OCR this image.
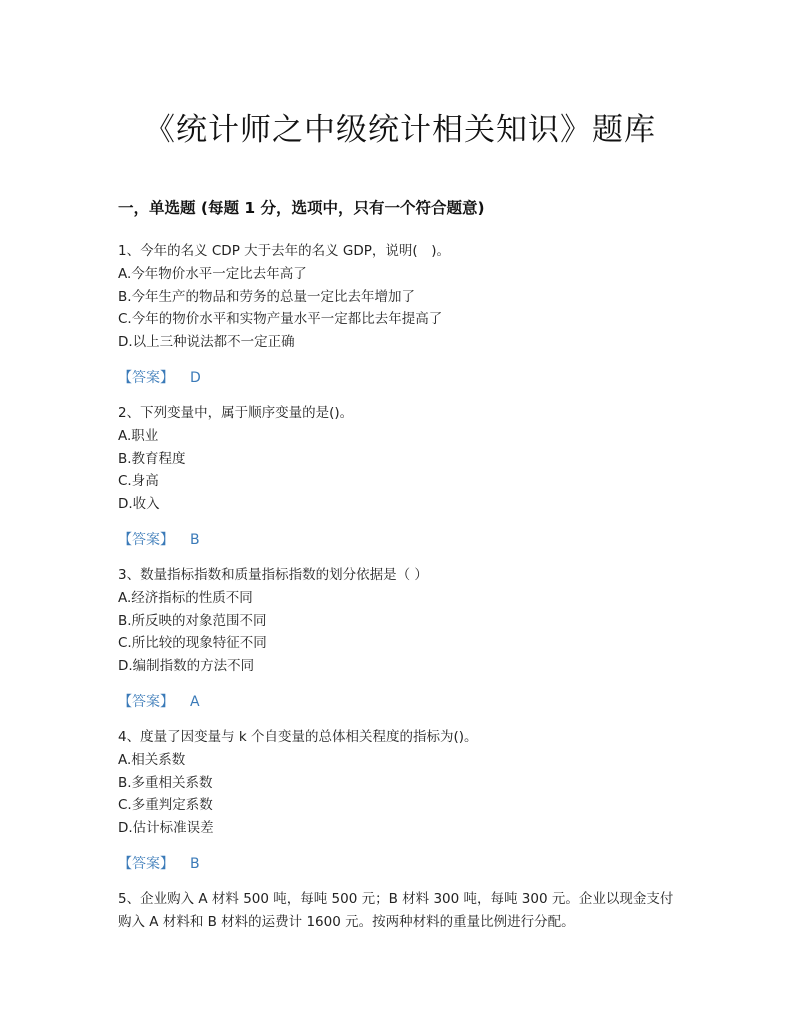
《统计师之中级统计相关知识》题库
一，单选题 (每题 1 分，选项中，只有一个符合题意)
1、今年的名义 CDP 大于去年的名义 GDP，说明(　)。
A.今年物价水平一定比去年高了
B.今年生产的物品和劳务的总量一定比去年增加了
C.今年的物价水平和实物产量水平一定都比去年提高了
D.以上三种说法都不一定正确
【答案】 D
2、下列变量中，属于顺序变量的是()。
A.职业
B.教育程度
C.身高
D.收入
【答案】 B
3、数量指标指数和质量指标指数的划分依据是（ ）
A.经济指标的性质不同
B.所反映的对象范围不同
C.所比较的现象特征不同
D.编制指数的方法不同
【答案】 A
4、度量了因变量与 k 个自变量的总体相关程度的指标为()。
A.相关系数
B.多重相关系数
C.多重判定系数
D.估计标准误差
【答案】 B
5、企业购入 A 材料 500 吨，每吨 500 元；B 材料 300 吨，每吨 300 元。企业以现金支付购入 A 材料和 B 材料的运费计 1600 元。按两种材料的重量比例进行分配。
